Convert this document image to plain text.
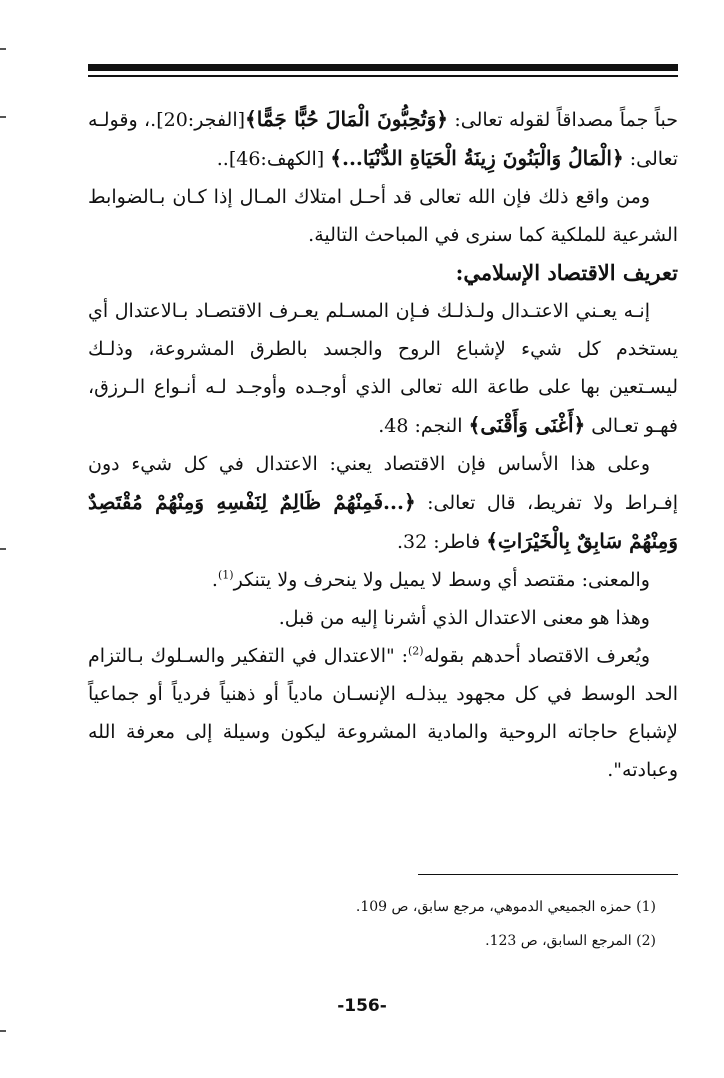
حباً جماً مصداقاً لقوله تعالى: ﴿وَتُحِبُّونَ الْمَالَ حُبًّا جَمًّا﴾[الفجر:20].، وقولـه تعالى: ﴿الْمَالُ وَالْبَنُونَ زِينَةُ الْحَيَاةِ الدُّنْيَا...﴾ [الكهف:46]..

ومن واقع ذلك فإن الله تعالى قد أحـل امتلاك المـال إذا كـان بـالضوابط الشرعية للملكية كما سنرى في المباحث التالية.

تعريف الاقتصاد الإسلامي:

إنـه يعـني الاعتـدال ولـذلـك فـإن المسـلم يعـرف الاقتصـاد بـالاعتدال أي يستخدم كل شيء لإشباع الروح والجسد بالطرق المشروعة، وذلـك ليسـتعين بها على طاعة الله تعالى الذي أوجـده وأوجـد لـه أنـواع الـرزق، فهـو تعـالى ﴿أَغْنَى وَأَقْنَى﴾ النجم: 48.

وعلى هذا الأساس فإن الاقتصاد يعني: الاعتدال في كل شيء دون إفـراط ولا تفريط، قال تعالى: ﴿...فَمِنْهُمْ ظَالِمٌ لِنَفْسِهِ وَمِنْهُمْ مُقْتَصِدٌ وَمِنْهُمْ سَابِقٌ بِالْخَيْرَاتِ﴾ فاطر: 32.

والمعنى: مقتصد أي وسط لا يميل ولا ينحرف ولا يتنكر$^{(1)}$.

وهذا هو معنى الاعتدال الذي أشرنا إليه من قبل.

ويُعرف الاقتصاد أحدهم بقوله$^{(2)}$: "الاعتدال في التفكير والسـلوك بـالتزام الحد الوسط في كل مجهود يبذلـه الإنسـان مادياً أو ذهنياً فردياً أو جماعياً لإشباع حاجاته الروحية والمادية المشروعة ليكون وسيلة إلى معرفة الله وعبادته".

(1) حمزه الجميعي الدموهي، مرجع سابق، ص 109.

(2) المرجع السابق، ص 123.

-156-
